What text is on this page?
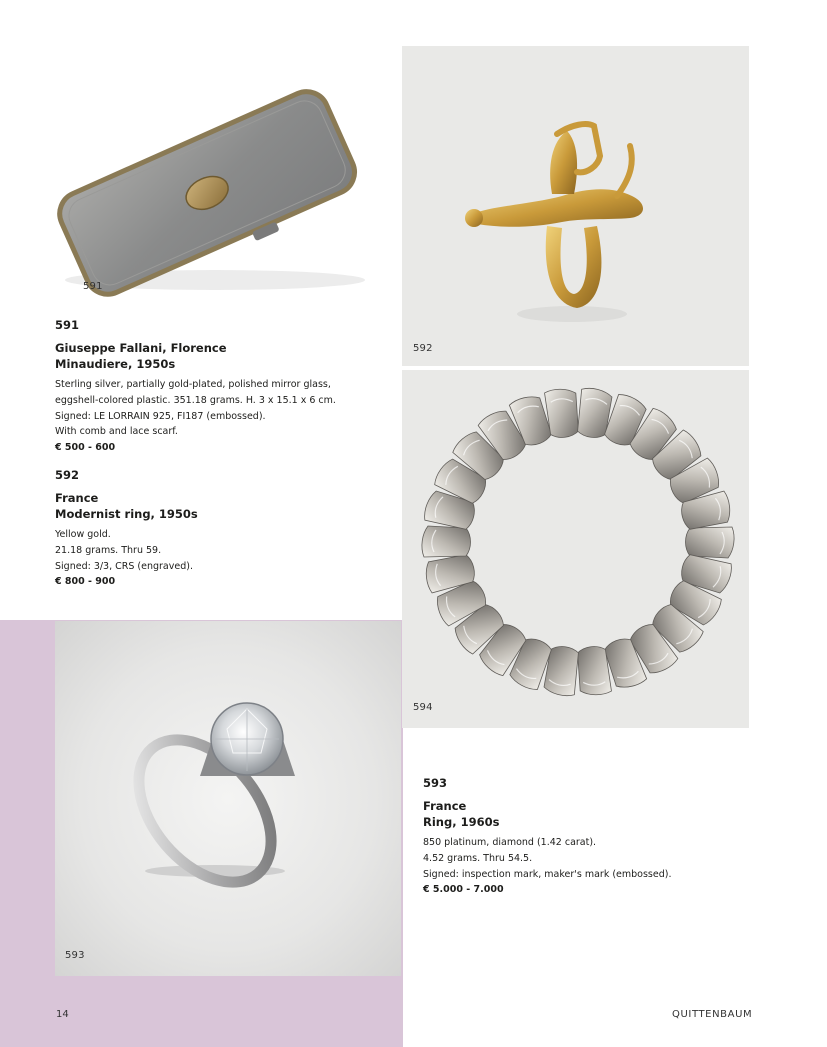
591
592
594
593
591
Giuseppe Fallani, Florence
Minaudiere, 1950s
Sterling silver, partially gold-plated, polished mirror glass,
eggshell-colored plastic. 351.18 grams. H. 3 x 15.1 x 6 cm.
Signed: LE LORRAIN 925, FI187 (embossed).
With comb and lace scarf.
€ 500 - 600
592
France
Modernist ring, 1950s
Yellow gold.
21.18 grams. Thru 59.
Signed: 3/3, CRS (engraved).
€ 800 - 900
593
France
Ring, 1960s
850 platinum, diamond (1.42 carat).
4.52 grams. Thru 54.5.
Signed: inspection mark, maker's mark (embossed).
€ 5.000 - 7.000
14	QUITTENBAUM
